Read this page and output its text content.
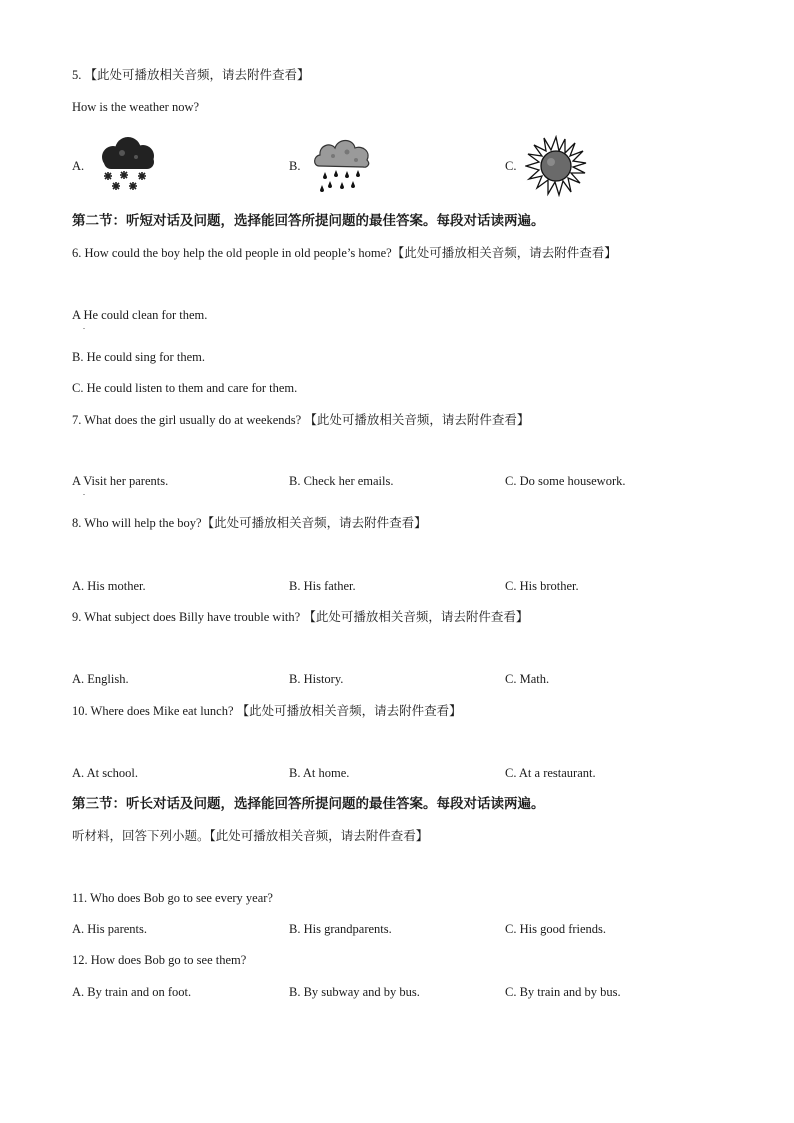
5. 【此处可播放相关音频，请去附件查看】
How is the weather now?
A.	B.	C.
第二节：听短对话及问题，选择能回答所提问题的最佳答案。每段对话读两遍。
6. How could the boy help the old people in old people’s home?【此处可播放相关音频，请去附件查看】
A He could clean for them.
.
B. He could sing for them.
C. He could listen to them and care for them.
7. What does the girl usually do at weekends? 【此处可播放相关音频，请去附件查看】
A Visit her parents.
.
B. Check her emails.	C. Do some housework.
8. Who will help the boy?【此处可播放相关音频，请去附件查看】
A. His mother.	B. His father.	C. His brother.
9. What subject does Billy have trouble with? 【此处可播放相关音频，请去附件查看】
A. English.	B. History.	C. Math.
10. Where does Mike eat lunch? 【此处可播放相关音频，请去附件查看】
A. At school.	B. At home.	C. At a restaurant.
第三节：听长对话及问题，选择能回答所提问题的最佳答案。每段对话读两遍。
听材料，回答下列小题。【此处可播放相关音频，请去附件查看】
11. Who does Bob go to see every year?
A. His parents.	B. His grandparents.	C. His good friends.
12. How does Bob go to see them?
A. By train and on foot.	B. By subway and by bus.	C. By train and by bus.
